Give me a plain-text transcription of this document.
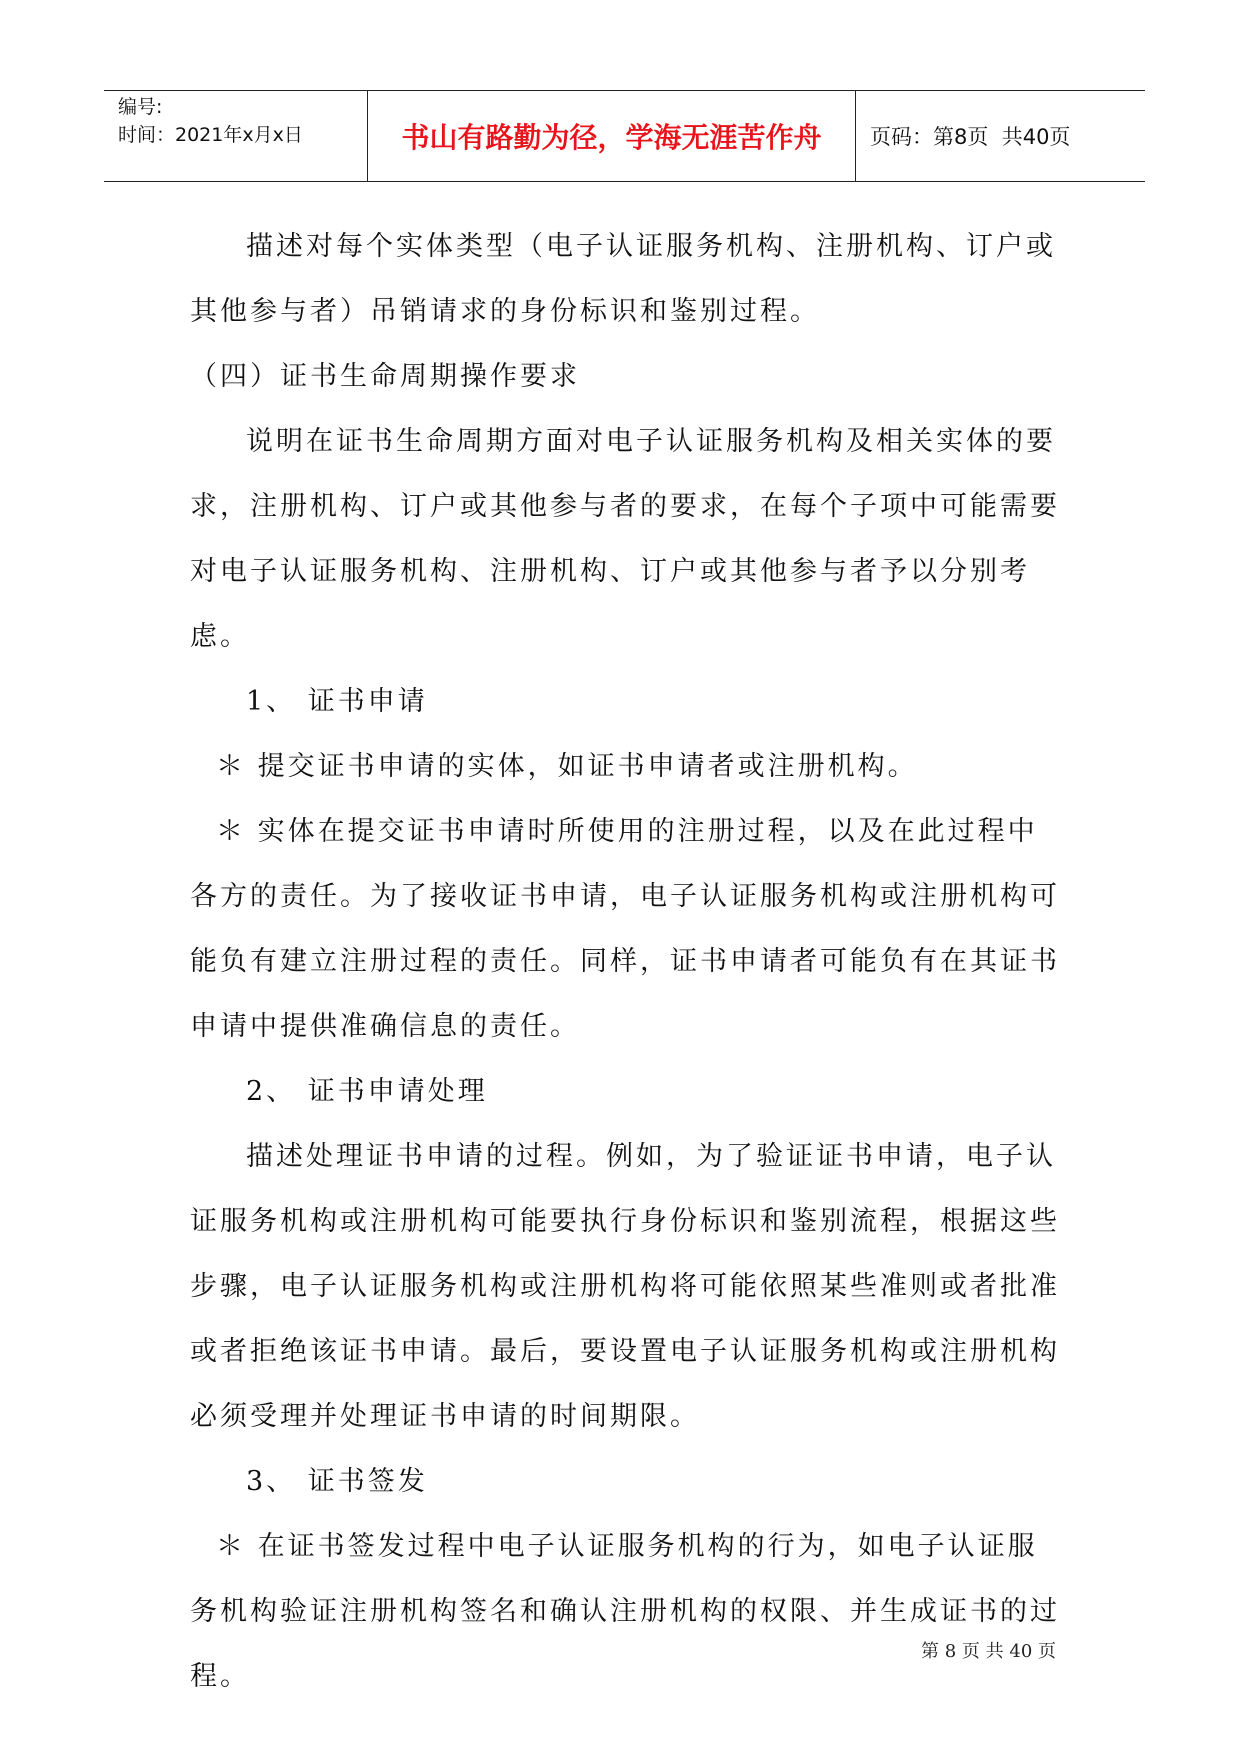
编号:
时间：2021年x月x日	书山有路勤为径，学海无涯苦作舟	页码：第8页  共40页

描述对每个实体类型（电子认证服务机构、注册机构、订户或其他参与者）吊销请求的身份标识和鉴别过程。

（四）证书生命周期操作要求

说明在证书生命周期方面对电子认证服务机构及相关实体的要求，注册机构、订户或其他参与者的要求，在每个子项中可能需要对电子认证服务机构、注册机构、订户或其他参与者予以分别考虑。

1、 证书申请

＊ 提交证书申请的实体，如证书申请者或注册机构。

＊ 实体在提交证书申请时所使用的注册过程，以及在此过程中各方的责任。为了接收证书申请，电子认证服务机构或注册机构可能负有建立注册过程的责任。同样，证书申请者可能负有在其证书申请中提供准确信息的责任。

2、 证书申请处理

描述处理证书申请的过程。例如，为了验证证书申请，电子认证服务机构或注册机构可能要执行身份标识和鉴别流程，根据这些步骤，电子认证服务机构或注册机构将可能依照某些准则或者批准或者拒绝该证书申请。最后，要设置电子认证服务机构或注册机构必须受理并处理证书申请的时间期限。

3、 证书签发

＊ 在证书签发过程中电子认证服务机构的行为，如电子认证服务机构验证注册机构签名和确认注册机构的权限、并生成证书的过程。

第 8 页 共 40 页
